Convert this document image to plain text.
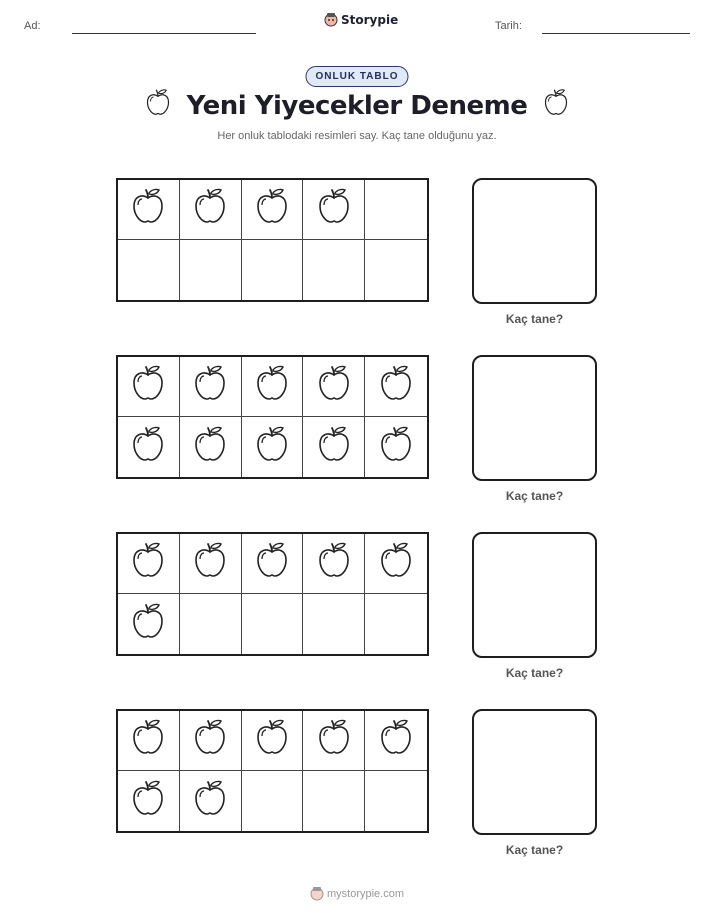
Ad:	Storypie	Tarih:
ONLUK TABLO
Yeni Yiyecekler Deneme
Her onluk tablodaki resimleri say. Kaç tane olduğunu yaz.
Kaç tane?
Kaç tane?
Kaç tane?
Kaç tane?
mystorypie.com
